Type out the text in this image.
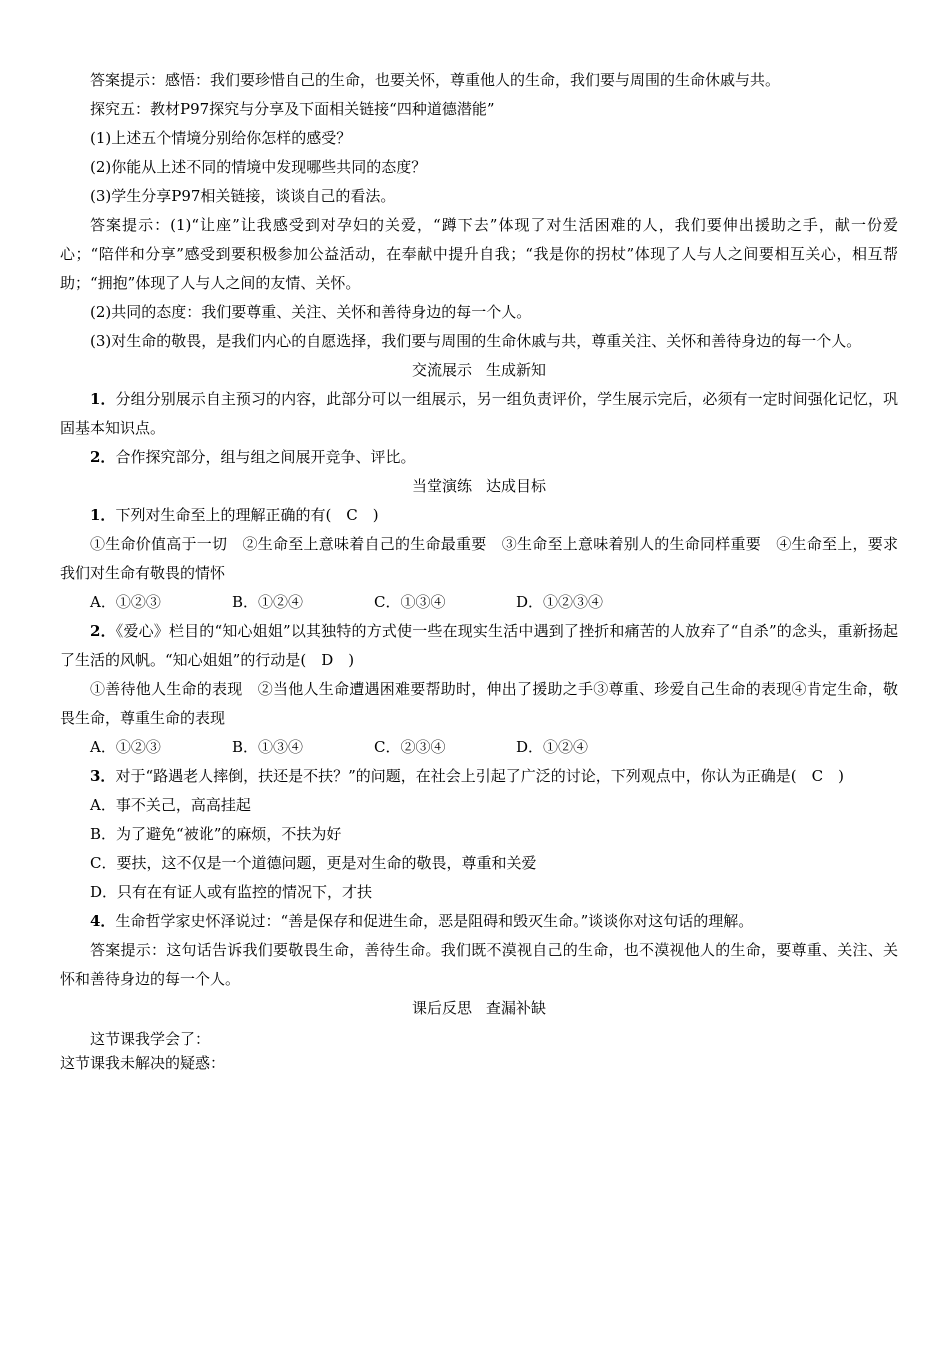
答案提示：感悟：我们要珍惜自己的生命，也要关怀，尊重他人的生命，我们要与周围的生命休戚与共。

探究五：教材P97探究与分享及下面相关链接“四种道德潜能”

(1)上述五个情境分别给你怎样的感受？

(2)你能从上述不同的情境中发现哪些共同的态度？

(3)学生分享P97相关链接，谈谈自己的看法。

答案提示：(1)“让座”让我感受到对孕妇的关爱，“蹲下去”体现了对生活困难的人，我们要伸出援助之手，献一份爱心；“陪伴和分享”感受到要积极参加公益活动，在奉献中提升自我；“我是你的拐杖”体现了人与人之间要相互关心，相互帮助；“拥抱”体现了人与人之间的友情、关怀。

(2)共同的态度：我们要尊重、关注、关怀和善待身边的每一个人。

(3)对生命的敬畏，是我们内心的自愿选择，我们要与周围的生命休戚与共，尊重关注、关怀和善待身边的每一个人。

交流展示 生成新知

1．分组分别展示自主预习的内容，此部分可以一组展示，另一组负责评价，学生展示完后，必须有一定时间强化记忆，巩固基本知识点。

2．合作探究部分，组与组之间展开竞争、评比。

当堂演练 达成目标

1．下列对生命至上的理解正确的有(　C　)

①生命价值高于一切　②生命至上意味着自己的生命最重要　③生命至上意味着别人的生命同样重要　④生命至上，要求我们对生命有敬畏的情怀

A．①②③	B．①②④	C．①③④	D．①②③④

2．《爱心》栏目的“知心姐姐”以其独特的方式使一些在现实生活中遇到了挫折和痛苦的人放弃了“自杀”的念头，重新扬起了生活的风帆。“知心姐姐”的行动是(　D　)

①善待他人生命的表现　②当他人生命遭遇困难要帮助时，伸出了援助之手③尊重、珍爱自己生命的表现④肯定生命，敬畏生命，尊重生命的表现

A．①②③	B．①③④	C．②③④	D．①②④

3．对于“路遇老人摔倒，扶还是不扶？”的问题，在社会上引起了广泛的讨论，下列观点中，你认为正确是(　C　)

A．事不关己，高高挂起

B．为了避免“被讹”的麻烦，不扶为好

C．要扶，这不仅是一个道德问题，更是对生命的敬畏，尊重和关爱

D．只有在有证人或有监控的情况下，才扶

4．生命哲学家史怀泽说过：“善是保存和促进生命，恶是阻碍和毁灭生命。”谈谈你对这句话的理解。

答案提示：这句话告诉我们要敬畏生命，善待生命。我们既不漠视自己的生命，也不漠视他人的生命，要尊重、关注、关怀和善待身边的每一个人。

课后反思 查漏补缺

这节课我学会了：

这节课我未解决的疑惑：
